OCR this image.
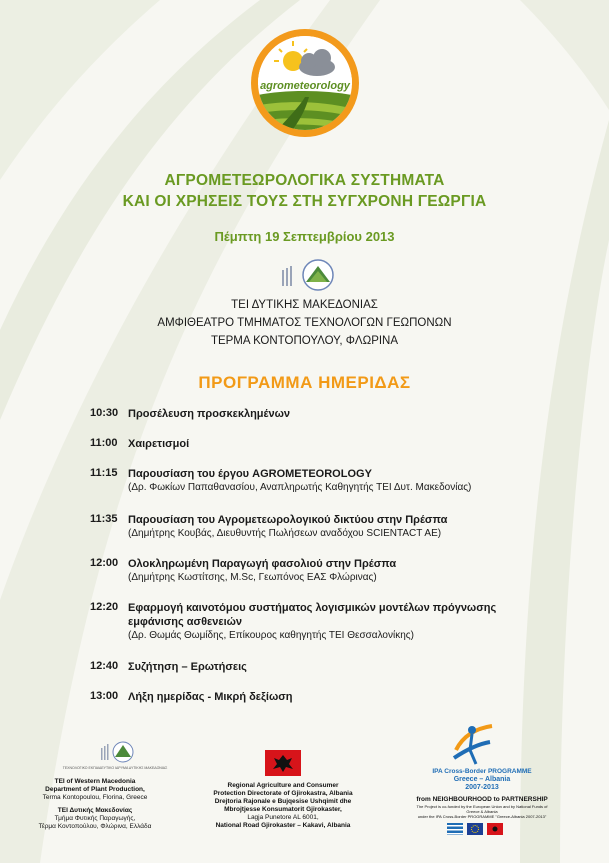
agrometeorology
ΑΓΡΟΜΕΤΕΩΡΟΛΟΓΙΚΑ ΣΥΣΤΗΜΑΤΑ
ΚΑΙ ΟΙ ΧΡΗΣΕΙΣ ΤΟΥΣ ΣΤΗ ΣΥΓΧΡΟΝΗ ΓΕΩΡΓΙΑ
Πέμπτη 19 Σεπτεμβρίου 2013
ΤΕΙ ΔΥΤΙΚΗΣ ΜΑΚΕΔΟΝΙΑΣ
ΑΜΦΙΘΕΑΤΡΟ ΤΜΗΜΑΤΟΣ ΤΕΧΝΟΛΟΓΩΝ ΓΕΩΠΟΝΩΝ
ΤΕΡΜΑ ΚΟΝΤΟΠΟΥΛΟΥ, ΦΛΩΡΙΝΑ
ΠΡΟΓΡΑΜΜΑ ΗΜΕΡΙΔΑΣ
10:30 Προσέλευση προσκεκλημένων
11:00 Χαιρετισμοί
11:15 Παρουσίαση του έργου AGROMETEOROLOGY
(Δρ. Φωκίων Παπαθανασίου, Αναπληρωτής Καθηγητής ΤΕΙ Δυτ. Μακεδονίας)
11:35 Παρουσίαση του Αγρομετεωρολογικού δικτύου στην Πρέσπα
(Δημήτρης Κουβάς, Διευθυντής Πωλήσεων αναδόχου SCIENTACT AE)
12:00 Ολοκληρωμένη Παραγωγή φασολιού στην Πρέσπα
(Δημήτρης Κωστίτσης, M.Sc, Γεωπόνος ΕΑΣ Φλώρινας)
12:20 Εφαρμογή καινοτόμου συστήματος λογισμικών μοντέλων πρόγνωσης εμφάνισης ασθενειών
(Δρ. Θωμάς Θωμίδης, Επίκουρος καθηγητής ΤΕΙ Θεσσαλονίκης)
12:40 Συζήτηση – Ερωτήσεις
13:00 Λήξη ημερίδας - Μικρή δεξίωση
ΤΕΧΝΟΛΟΓΙΚΟ ΕΚΠΑΙΔΕΥΤΙΚΟ ΙΔΡΥΜΑ ΔΥΤΙΚΗΣ ΜΑΚΕΔΟΝΙΑΣ
TEI of Western Macedonia
Department of Plant Production,
Terma Kontopoulou, Florina, Greece
ΤΕΙ Δυτικής Μακεδονίας
Τμήμα Φυτικής Παραγωγής,
Τέρμα Κοντοπούλου, Φλώρινα, Ελλάδα
Regional Agriculture and Consumer
Protection Directorate of Gjirokastra, Albania
Drejtoria Rajonale e Bujqesise Ushqimit dhe
Mbrojtjesse Konsumatorit Gjirokaster,
Lagja Punetore AL 6001,
National Road Gjirokaster – Kakavi, Albania
IPA Cross-Border PROGRAMME
Greece – Albania
2007-2013
from NEIGHBOURHOOD to PARTNERSHIP
The Project is co-funded by the European Union and by National Funds of Greece & Albania
under the IPA Cross-Border PROGRAMME "Greece-Albania 2007-2013"
